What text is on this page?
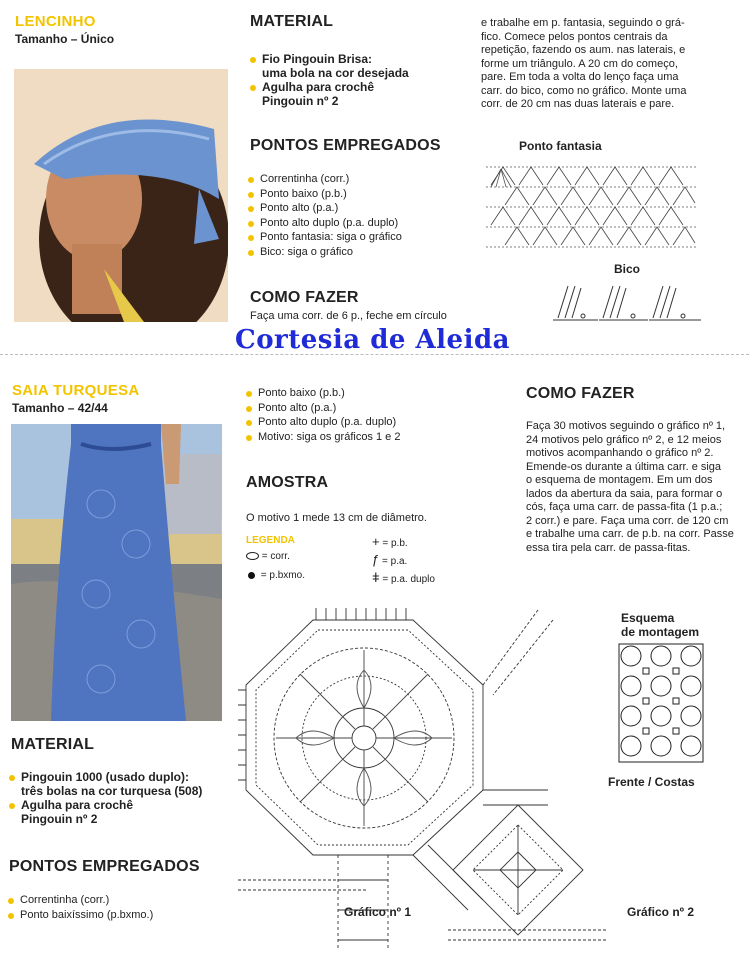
LENCINHO
Tamanho – Único
MATERIAL
Fio Pingouin Brisa:
uma bola na cor desejada
Agulha para crochê
Pingouin nº 2
PONTOS EMPREGADOS
Correntinha (corr.)
Ponto baixo (p.b.)
Ponto alto (p.a.)
Ponto alto duplo (p.a. duplo)
Ponto fantasia: siga o gráfico
Bico: siga o gráfico
COMO FAZER
Faça uma corr. de 6 p., feche em círculo
e trabalhe em p. fantasia, seguindo o grá-
fico. Comece pelos pontos centrais da
repetição, fazendo os aum. nas laterais, e
forme um triângulo. A 20 cm do começo,
pare. Em toda a volta do lenço faça uma
carr. do bico, como no gráfico. Monte uma
corr. de 20 cm nas duas laterais e pare.
Ponto fantasia
Bico
Cortesia de Aleida
SAIA TURQUESA
Tamanho – 42/44
MATERIAL
Pingouin 1000 (usado duplo):
três bolas na cor turquesa (508)
Agulha para crochê
Pingouin nº 2
PONTOS EMPREGADOS
Correntinha (corr.)
Ponto baixíssimo (p.bxmo.)
Ponto baixo (p.b.)
Ponto alto (p.a.)
Ponto alto duplo (p.a. duplo)
Motivo: siga os gráficos 1 e 2
AMOSTRA
O motivo 1 mede 13 cm de diâmetro.
LEGENDA
= corr.
= p.bxmo.
+ = p.b.
ƒ = p.a.
ǂ = p.a. duplo
COMO FAZER
Faça 30 motivos seguindo o gráfico nº 1,
24 motivos pelo gráfico nº 2, e 12 meios
motivos acompanhando o gráfico nº 2.
Emende-os durante a última carr. e siga
o esquema de montagem. Em um dos
lados da abertura da saia, para formar o
cós, faça uma carr. de passa-fita (1 p.a.;
2 corr.) e pare. Faça uma corr. de 120 cm
e trabalhe uma carr. de p.b. na corr. Passe
essa tira pela carr. de passa-fitas.
Esquema
de montagem
Frente / Costas
Gráfico nº 1	Gráfico nº 2
